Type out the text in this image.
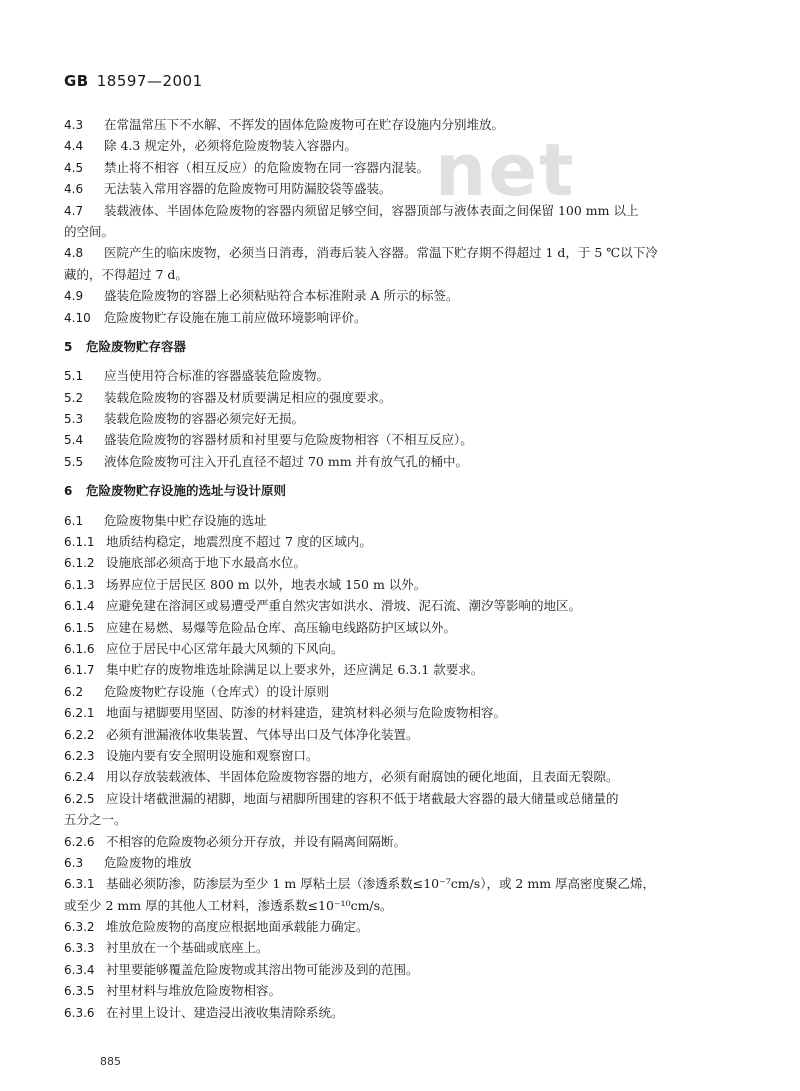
GB 18597—2001
net
4.3 在常温常压下不水解、不挥发的固体危险废物可在贮存设施内分别堆放。
4.4 除 4.3 规定外，必须将危险废物装入容器内。
4.5 禁止将不相容（相互反应）的危险废物在同一容器内混装。
4.6 无法装入常用容器的危险废物可用防漏胶袋等盛装。
4.7 装载液体、半固体危险废物的容器内须留足够空间，容器顶部与液体表面之间保留 100 mm 以上
的空间。
4.8 医院产生的临床废物，必须当日消毒，消毒后装入容器。常温下贮存期不得超过 1 d，于 5 ℃以下冷
藏的，不得超过 7 d。
4.9 盛装危险废物的容器上必须粘贴符合本标准附录 A 所示的标签。
4.10 危险废物贮存设施在施工前应做环境影响评价。
5 危险废物贮存容器
5.1 应当使用符合标准的容器盛装危险废物。
5.2 装载危险废物的容器及材质要满足相应的强度要求。
5.3 装载危险废物的容器必须完好无损。
5.4 盛装危险废物的容器材质和衬里要与危险废物相容（不相互反应）。
5.5 液体危险废物可注入开孔直径不超过 70 mm 并有放气孔的桶中。
6 危险废物贮存设施的选址与设计原则
6.1 危险废物集中贮存设施的选址
6.1.1 地质结构稳定，地震烈度不超过 7 度的区域内。
6.1.2 设施底部必须高于地下水最高水位。
6.1.3 场界应位于居民区 800 m 以外，地表水域 150 m 以外。
6.1.4 应避免建在溶洞区或易遭受严重自然灾害如洪水、滑坡、泥石流、潮汐等影响的地区。
6.1.5 应建在易燃、易爆等危险品仓库、高压输电线路防护区域以外。
6.1.6 应位于居民中心区常年最大风频的下风向。
6.1.7 集中贮存的废物堆选址除满足以上要求外，还应满足 6.3.1 款要求。
6.2 危险废物贮存设施（仓库式）的设计原则
6.2.1 地面与裙脚要用坚固、防渗的材料建造，建筑材料必须与危险废物相容。
6.2.2 必须有泄漏液体收集装置、气体导出口及气体净化装置。
6.2.3 设施内要有安全照明设施和观察窗口。
6.2.4 用以存放装载液体、半固体危险废物容器的地方，必须有耐腐蚀的硬化地面，且表面无裂隙。
6.2.5 应设计堵截泄漏的裙脚，地面与裙脚所围建的容积不低于堵截最大容器的最大储量或总储量的
五分之一。
6.2.6 不相容的危险废物必须分开存放，并设有隔离间隔断。
6.3 危险废物的堆放
6.3.1 基础必须防渗，防渗层为至少 1 m 厚粘土层（渗透系数≤10⁻⁷cm/s），或 2 mm 厚高密度聚乙烯，
或至少 2 mm 厚的其他人工材料，渗透系数≤10⁻¹⁰cm/s。
6.3.2 堆放危险废物的高度应根据地面承载能力确定。
6.3.3 衬里放在一个基础或底座上。
6.3.4 衬里要能够覆盖危险废物或其溶出物可能涉及到的范围。
6.3.5 衬里材料与堆放危险废物相容。
6.3.6 在衬里上设计、建造浸出液收集清除系统。
885
